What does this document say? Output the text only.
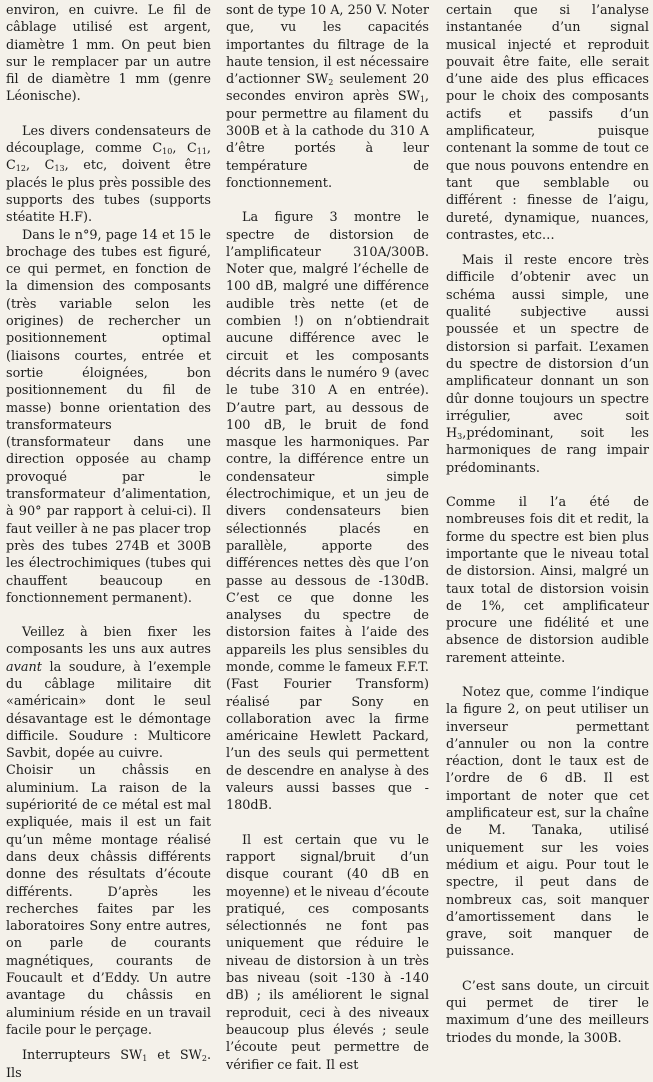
environ, en cuivre. Le fil de câblage utilisé est argent, diamètre 1 mm. On peut bien sur le remplacer par un autre fil de diamètre 1 mm (genre Léonische).

Les divers condensateurs de découplage, comme $C_{10}$, $C_{11}$, $C_{12}$, $C_{13}$, etc, doivent être placés le plus près possible des supports des tubes (supports stéatite H.F).

Dans le n°9, page 14 et 15 le brochage des tubes est figuré, ce qui permet, en fonction de la dimension des composants (très variable selon les origines) de rechercher un positionnement optimal (liaisons courtes, entrée et sortie éloignées, bon positionnement du fil de masse) bonne orientation des transformateurs (transformateur dans une direction opposée au champ provoqué par le transformateur d’alimentation, à 90° par rapport à celui-ci). Il faut veiller à ne pas placer trop près des tubes 274B et 300B les électrochimiques (tubes qui chauffent beaucoup en fonctionnement permanent).

Veillez à bien fixer les composants les uns aux autres avant la soudure, à l’exemple du câblage militaire dit «américain» dont le seul désavantage est le démontage difficile. Soudure : Multicore Savbit, dopée au cuivre.

Choisir un châssis en aluminium. La raison de la supériorité de ce métal est mal expliquée, mais il est un fait qu’un même montage réalisé dans deux châssis différents donne des résultats d’écoute différents. D’après les recherches faites par les laboratoires Sony entre autres, on parle de courants magnétiques, courants de Foucault et d’Eddy. Un autre avantage du châssis en aluminium réside en un travail facile pour le perçage.

Interrupteurs $SW_1$ et $SW_2$. Ils

sont de type 10 A, 250 V. Noter que, vu les capacités importantes du filtrage de la haute tension, il est nécessaire d’actionner $SW_2$ seulement 20 secondes environ après $SW_1$, pour permettre au filament du 300B et à la cathode du 310 A d’être portés à leur température de fonctionnement.

La figure 3 montre le spectre de distorsion de l’amplificateur 310A/300B. Noter que, malgré l’échelle de 100 dB, malgré une différence audible très nette (et de combien !) on n’obtiendrait aucune différence avec le circuit et les composants décrits dans le numéro 9 (avec le tube 310 A en entrée). D’autre part, au dessous de 100 dB, le bruit de fond masque les harmoniques. Par contre, la différence entre un condensateur simple électrochimique, et un jeu de divers condensateurs bien sélectionnés placés en parallèle, apporte des différences nettes dès que l’on passe au dessous de -130dB. C’est ce que donne les analyses du spectre de distorsion faites à l’aide des appareils les plus sensibles du monde, comme le fameux F.F.T. (Fast Fourier Transform) réalisé par Sony en collaboration avec la firme américaine Hewlett Packard, l’un des seuls qui permettent de descendre en analyse à des valeurs aussi basses que - 180dB.

Il est certain que vu le rapport signal/bruit d’un disque courant (40 dB en moyenne) et le niveau d’écoute pratiqué, ces composants sélectionnés ne font pas uniquement que réduire le niveau de distorsion à un très bas niveau (soit -130 à -140 dB) ; ils améliorent le signal reproduit, ceci à des niveaux beaucoup plus élevés ; seule l’écoute peut permettre de vérifier ce fait. Il est

certain que si l’analyse instantanée d’un signal musical injecté et reproduit pouvait être faite, elle serait d’une aide des plus efficaces pour le choix des composants actifs et passifs d’un amplificateur, puisque contenant la somme de tout ce que nous pouvons entendre en tant que semblable ou différent : finesse de l’aigu, dureté, dynamique, nuances, contrastes, etc…

Mais il reste encore très difficile d’obtenir avec un schéma aussi simple, une qualité subjective aussi poussée et un spectre de distorsion si parfait. L’examen du spectre de distorsion d’un amplificateur donnant un son dûr donne toujours un spectre irrégulier, avec soit $H_3,prédominant$, soit les harmoniques de rang impair prédominants.

Comme il l’a été de nombreuses fois dit et redit, la forme du spectre est bien plus importante que le niveau total de distorsion. Ainsi, malgré un taux total de distorsion voisin de 1%, cet amplificateur procure une fidélité et une absence de distorsion audible rarement atteinte.

Notez que, comme l’indique la figure 2, on peut utiliser un inverseur permettant d’annuler ou non la contre réaction, dont le taux est de l’ordre de 6 dB. Il est important de noter que cet amplificateur est, sur la chaîne de M. Tanaka, utilisé uniquement sur les voies médium et aigu. Pour tout le spectre, il peut dans de nombreux cas, soit manquer d’amortissement dans le grave, soit manquer de puissance.

C’est sans doute, un circuit qui permet de tirer le maximum d’une des meilleurs triodes du monde, la 300B.
